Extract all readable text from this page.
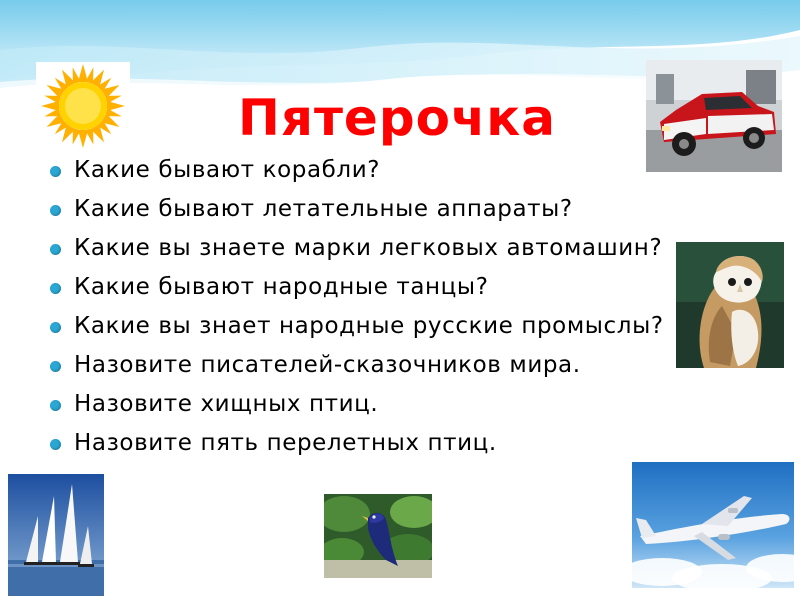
Пятерочка
Какие бывают корабли?
Какие бывают летательные аппараты?
Какие вы знаете марки легковых автомашин?
Какие бывают народные танцы?
Какие вы знает народные русские промыслы?
Назовите писателей-сказочников мира.
Назовите хищных птиц.
Назовите пять перелетных птиц.
